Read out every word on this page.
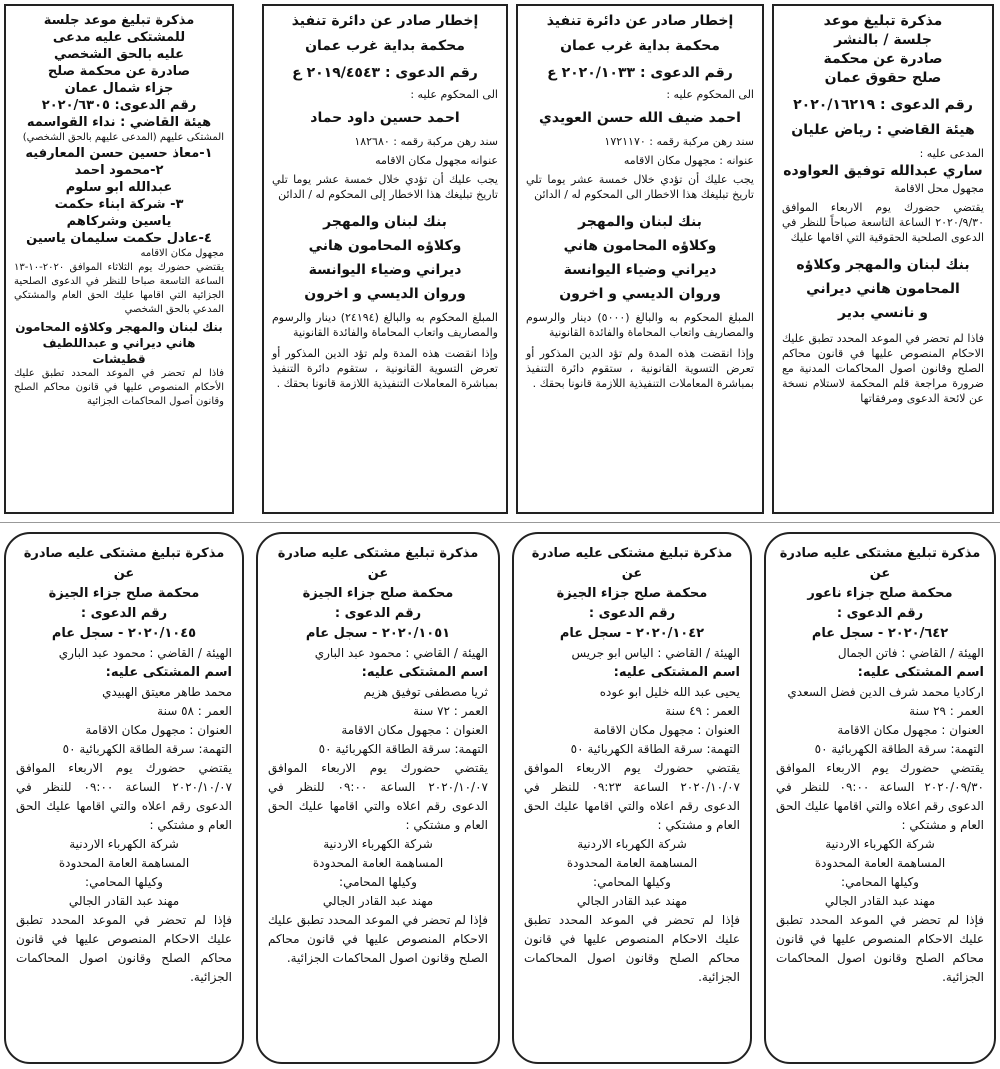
مذكرة تبليغ موعد
جلسة / بالنشر
صادرة عن محكمة
صلح حقوق عمان
رقم الدعوى : ٢٠٢٠/١٦٢١٩
هيئة القاضي : رياض عليان
المدعى عليه :
ساري عبدالله توفيق العواوده
مجهول محل الاقامة
يقتضي حضورك يوم الاربعاء الموافق ٢٠٢٠/٩/٣٠ الساعة التاسعة صباحاً للنظر في الدعوى الصلحية الحقوقية التي اقامها عليك
بنك لبنان والمهجر وكلاؤه
المحامون هاني ديراني
و نانسي بدير
فاذا لم تحضر في الموعد المحدد تطبق عليك الاحكام المنصوص عليها في قانون محاكم الصلح وقانون اصول المحاكمات المدنية مع ضرورة مراجعة قلم المحكمة لاستلام نسخة عن لائحة الدعوى ومرفقاتها
إخطار صادر عن دائرة تنفيذ
محكمة بداية غرب عمان
رقم الدعوى : ٢٠٢٠/١٠٣٣ ع
الى المحكوم عليه :
احمد ضيف الله حسن العويدي
سند رهن مركبة رقمه : ١٧٢١١٧٠
عنوانه : مجهول مكان الاقامه
يجب عليك أن تؤدي خلال خمسة عشر يوما تلي تاريخ تبليغك هذا الاخطار الى المحكوم له / الدائن
بنك لبنان والمهجر
وكلاؤه المحامون هاني
ديراني وضياء اليوانسة
وروان الديسي و اخرون
المبلغ المحكوم به والبالغ (٥٠٠٠) دينار والرسوم والمصاريف واتعاب المحاماة والفائدة القانونية
وإذا انقضت هذه المدة ولم تؤد الدين المذكور أو تعرض التسوية القانونية ، ستقوم دائرة التنفيذ بمباشرة المعاملات التنفيذية اللازمة قانونا بحقك .
إخطار صادر عن دائرة تنفيذ
محكمة بداية غرب عمان
رقم الدعوى : ٢٠١٩/٤٥٤٣ ع
الى المحكوم عليه :
احمد حسين داود حماد
سند رهن مركبة رقمه : ١٨٢٦٨٠
عنوانه مجهول مكان الاقامه
يجب عليك أن تؤدي خلال خمسة عشر يوما تلي تاريخ تبليغك هذا الاخطار إلى المحكوم له / الدائن
بنك لبنان والمهجر
وكلاؤه المحامون هاني
ديراني وضياء اليوانسة
وروان الديسي و اخرون
المبلغ المحكوم به والبالغ (٢٤١٩٤) دينار والرسوم والمصاريف واتعاب المحاماة والفائدة القانونية
وإذا انقضت هذه المدة ولم تؤد الدين المذكور أو تعرض التسوية القانونية ، ستقوم دائرة التنفيذ بمباشرة المعاملات التنفيذية اللازمة قانونا بحقك .
مذكرة تبليغ موعد جلسة
للمشتكى عليه مدعى
عليه بالحق الشخصي
صادرة عن محكمة صلح
جزاء شمال عمان
رقم الدعوى: ٢٠٢٠/٦٣٠٥
هيئة القاضي : نداء القواسمه
المشتكى عليهم (المدعى عليهم بالحق الشخصي)
١-معاذ حسين حسن المعارفيه
٢-محمود احمد
عبدالله ابو سلوم
٣- شركة ابناء حكمت
ياسين وشركاهم
٤-عادل حكمت سليمان ياسين
مجهول مكان الاقامه
يقتضي حضورك يوم الثلاثاء الموافق ٢٠٢٠-١٠-١٣ الساعة التاسعة صباحا للنظر في الدعوى الصلحية الجزائية التي اقامها عليك الحق العام والمشتكي المدعي بالحق الشخصي
بنك لبنان والمهجر وكلاؤه المحامون هاني ديراني و عبداللطيف قطيشات
فاذا لم تحضر في الموعد المحدد تطبق عليك الأحكام المنصوص عليها في قانون محاكم الصلح وقانون أصول المحاكمات الجزائية
مذكرة تبليغ مشتكى عليه صادرة عن
محكمة صلح جزاء ناعور
رقم الدعوى :
٢٠٢٠/٦٤٢ - سجل عام
الهيئة / القاضي : فاتن الجمال
اسم المشتكى عليه:
اركاديا محمد شرف الدين فضل السعدي
العمر : ٢٩ سنة
العنوان : مجهول مكان الاقامة
التهمة: سرقة الطاقة الكهربائية ٥٠
يقتضي حضورك يوم الاربعاء الموافق ٢٠٢٠/٠٩/٣٠ الساعة ٠٩:٠٠ للنظر في الدعوى رقم اعلاه والتي اقامها عليك الحق العام و مشتكي :
شركة الكهرباء الاردنية
المساهمة العامة المحدودة
وكيلها المحامي:
مهند عبد القادر الجالي
فإذا لم تحضر في الموعد المحدد تطبق عليك الاحكام المنصوص عليها في قانون محاكم الصلح وقانون اصول المحاكمات الجزائية.
مذكرة تبليغ مشتكى عليه صادرة عن
محكمة صلح جزاء الجيزة
رقم الدعوى :
٢٠٢٠/١٠٤٢ - سجل عام
الهيئة / القاضي : الياس ابو جريس
اسم المشتكى عليه:
يحيى عبد الله خليل ابو عوده
العمر : ٤٩ سنة
العنوان : مجهول مكان الاقامة
التهمة: سرقة الطاقة الكهربائية ٥٠
يقتضي حضورك يوم الاربعاء الموافق ٢٠٢٠/١٠/٠٧ الساعة ٠٩:٢٣ للنظر في الدعوى رقم اعلاه والتي اقامها عليك الحق العام و مشتكي :
شركة الكهرباء الاردنية
المساهمة العامة المحدودة
وكيلها المحامي:
مهند عبد القادر الجالي
فإذا لم تحضر في الموعد المحدد تطبق عليك الاحكام المنصوص عليها في قانون محاكم الصلح وقانون اصول المحاكمات الجزائية.
مذكرة تبليغ مشتكى عليه صادرة عن
محكمة صلح جزاء الجيزة
رقم الدعوى :
٢٠٢٠/١٠٥١ - سجل عام
الهيئة / القاضي : محمود عبد الباري
اسم المشتكى عليه:
ثريا مصطفى توفيق هزيم
العمر : ٧٢ سنة
العنوان : مجهول مكان الاقامة
التهمة: سرقة الطاقة الكهربائية ٥٠
يقتضي حضورك يوم الاربعاء الموافق ٢٠٢٠/١٠/٠٧ الساعة ٠٩:٠٠ للنظر في الدعوى رقم اعلاه والتي اقامها عليك الحق العام و مشتكي :
شركة الكهرباء الاردنية
المساهمة العامة المحدودة
وكيلها المحامي:
مهند عبد القادر الجالي
فإذا لم تحضر في الموعد المحدد تطبق عليك الاحكام المنصوص عليها في قانون محاكم الصلح وقانون اصول المحاكمات الجزائية.
مذكرة تبليغ مشتكى عليه صادرة عن
محكمة صلح جزاء الجيزة
رقم الدعوى :
٢٠٢٠/١٠٤٥ - سجل عام
الهيئة / القاضي : محمود عبد الباري
اسم المشتكى عليه:
محمد طاهر معيتق الهبيدي
العمر : ٥٨ سنة
العنوان : مجهول مكان الاقامة
التهمة: سرقة الطاقة الكهربائية ٥٠
يقتضي حضورك يوم الاربعاء الموافق ٢٠٢٠/١٠/٠٧ الساعة ٠٩:٠٠ للنظر في الدعوى رقم اعلاه والتي اقامها عليك الحق العام و مشتكي :
شركة الكهرباء الاردنية
المساهمة العامة المحدودة
وكيلها المحامي:
مهند عبد القادر الجالي
فإذا لم تحضر في الموعد المحدد تطبق عليك الاحكام المنصوص عليها في قانون محاكم الصلح وقانون اصول المحاكمات الجزائية.
